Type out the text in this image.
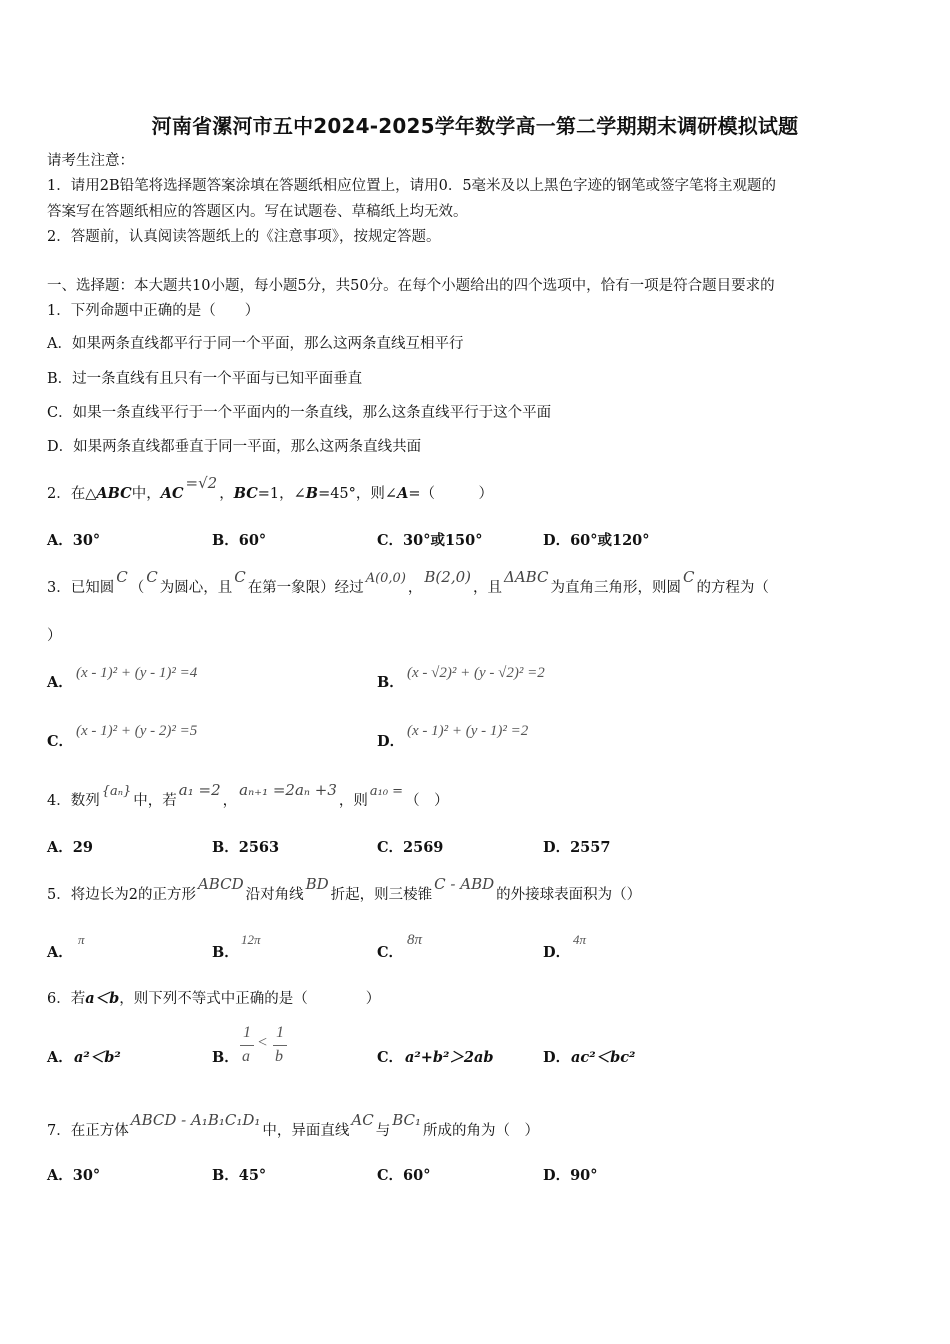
河南省漯河市五中2024-2025学年数学高一第二学期期末调研模拟试题
请考生注意：
1．请用2B铅笔将选择题答案涂填在答题纸相应位置上，请用0．5毫米及以上黑色字迹的钢笔或签字笔将主观题的
答案写在答题纸相应的答题区内。写在试题卷、草稿纸上均无效。
2．答题前，认真阅读答题纸上的《注意事项》，按规定答题。
一、选择题：本大题共10小题，每小题5分，共50分。在每个小题给出的四个选项中，恰有一项是符合题目要求的
1．下列命题中正确的是（　　）
A．如果两条直线都平行于同一个平面，那么这两条直线互相平行
B．过一条直线有且只有一个平面与已知平面垂直
C．如果一条直线平行于一个平面内的一条直线，那么这条直线平行于这个平面
D．如果两条直线都垂直于同一平面，那么这两条直线共面
2．在△ABC中，AC=√2，BC=1，∠B=45°，则∠A=（　　　）
A．30°	B．60°	C．30°或150°	D．60°或120°
3．已知圆C（C为圆心，且C在第一象限）经过A(0,0)，B(2,0)，且ΔABC为直角三角形，则圆C的方程为（
）
A．
(x - 1)² + (y - 1)² =4
B．
(x - √2)² + (y - √2)² =2
C．
(x - 1)² + (y - 2)² =5
D．
(x - 1)² + (y - 1)² =2
4．数列{aₙ}中，若a₁ =2，aₙ₊₁ =2aₙ +3，则a₁₀ =（　）
A．29	B．2563	C．2569	D．2557
5．将边长为2的正方形ABCD沿对角线BD折起，则三棱锥C - ABD的外接球表面积为（）
A．
π
B．
12π
C．
8π
D．
4π
6．若a＜b，则下列不等式中正确的是（　　　　）
A． a²＜b²	B．
1
a
<
1
b	C． a²+b²＞2ab	D． ac²＜bc²
7．在正方体ABCD - A₁B₁C₁D₁中，异面直线AC与BC₁所成的角为（　）
A．30°	B．45°	C．60°	D．90°
